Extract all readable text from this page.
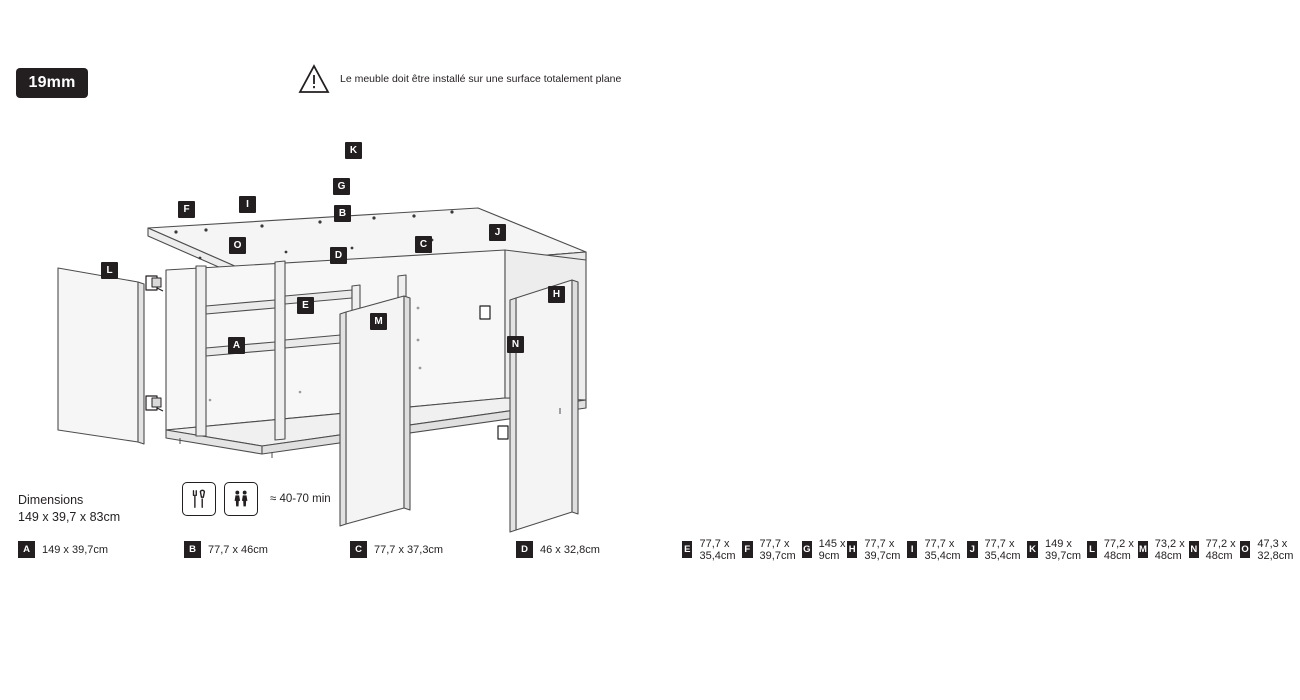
19mm	Le meuble doit être installé sur une surface totalement plane
K
G
I
F	B
J
C
O
D
L
H
E
M
N
A
Dimensions
149 x 39,7 x 83cm
≈ 40-70 min
A	149 x 39,7cm	B	77,7 x 46cm	C	77,7 x 37,3cm	D	46 x 32,8cm	E 77,7 x 35,4cm F 77,7 x 39,7cm G 145 x 9cm H 77,7 x 39,7cm	I 77,7 x 35,4cm J 77,7 x 35,4cm K 149 x 39,7cm L 77,2 x 48cm M 73,2 x 48cm N 77,2 x 48cm O 47,3 x 32,8cm
